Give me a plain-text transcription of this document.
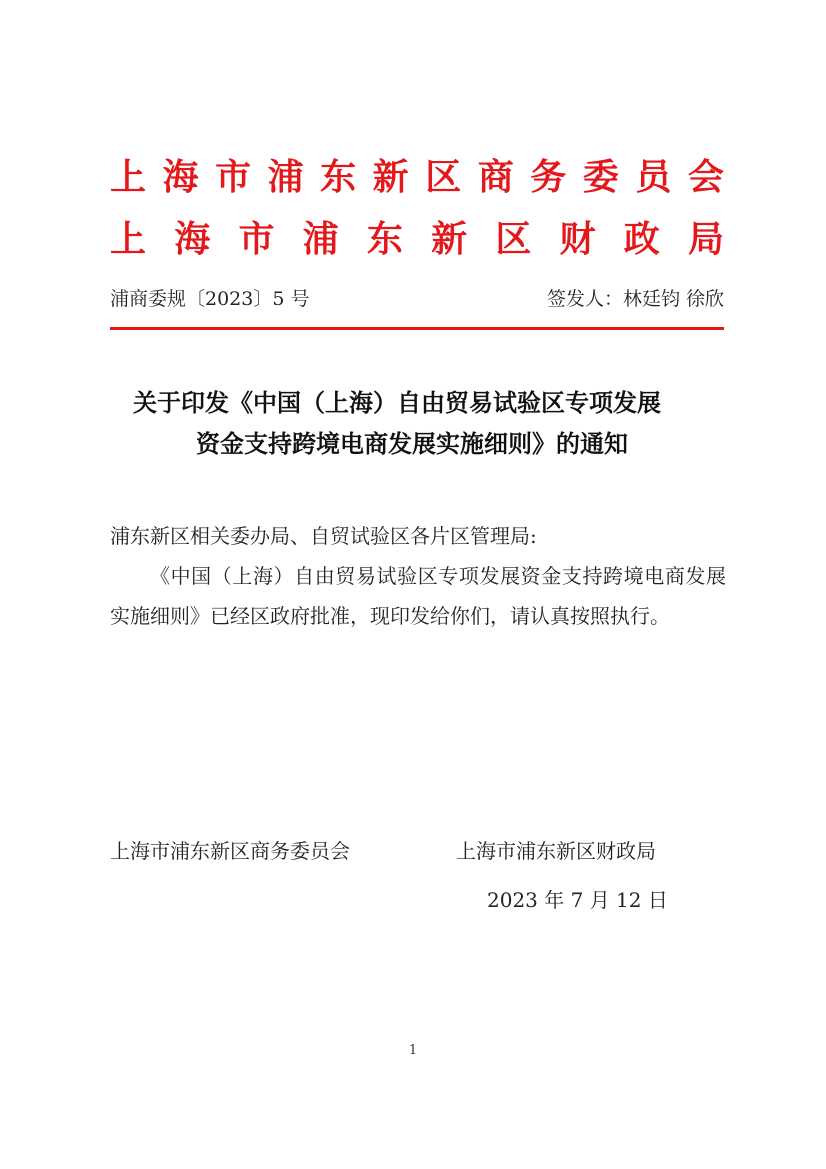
上 海 市 浦 东 新 区 商 务 委 员 会
上 海 市 浦 东 新 区 财 政 局
浦商委规〔2023〕5 号	签发人：林廷钧 徐欣
关于印发《中国（上海）自由贸易试验区专项发展
资金支持跨境电商发展实施细则》的通知
浦东新区相关委办局、自贸试验区各片区管理局:
《中国（上海）自由贸易试验区专项发展资金支持跨境电商发展实施细则》已经区政府批准，现印发给你们，请认真按照执行。
上海市浦东新区商务委员会	上海市浦东新区财政局
2023 年 7 月 12 日
1
